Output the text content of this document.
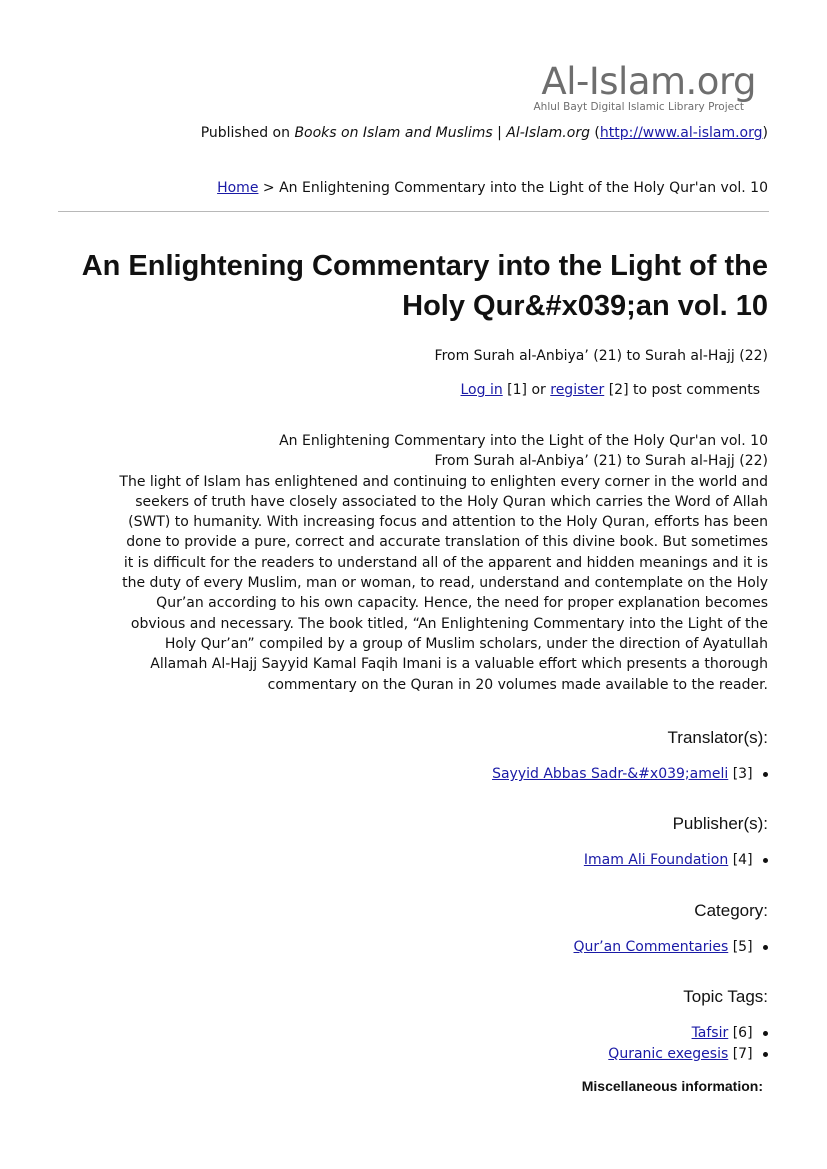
Al-Islam.org
Ahlul Bayt Digital Islamic Library Project
Published on Books on Islam and Muslims | Al-Islam.org (http://www.al-islam.org)
Home > An Enlightening Commentary into the Light of the Holy Qur'an vol. 10
An Enlightening Commentary into the Light of the Holy Qur&#x039;an vol. 10
From Surah al-Anbiya’ (21) to Surah al-Hajj (22)
Log in [1] or register [2] to post comments
An Enlightening Commentary into the Light of the Holy Qur'an vol. 10
From Surah al-Anbiya’ (21) to Surah al-Hajj (22)
The light of Islam has enlightened and continuing to enlighten every corner in the world and
seekers of truth have closely associated to the Holy Quran which carries the Word of Allah
(SWT) to humanity. With increasing focus and attention to the Holy Quran, efforts has been
done to provide a pure, correct and accurate translation of this divine book. But sometimes
it is difficult for the readers to understand all of the apparent and hidden meanings and it is
the duty of every Muslim, man or woman, to read, understand and contemplate on the Holy
Qur’an according to his own capacity. Hence, the need for proper explanation becomes
obvious and necessary. The book titled, “An Enlightening Commentary into the Light of the
Holy Qur’an” compiled by a group of Muslim scholars, under the direction of Ayatullah
Allamah Al-Hajj Sayyid Kamal Faqih Imani is a valuable effort which presents a thorough
commentary on the Quran in 20 volumes made available to the reader.
Translator(s):
Sayyid Abbas Sadr-&#x039;ameli [3]
Publisher(s):
Imam Ali Foundation [4]
Category:
Qur’an Commentaries [5]
Topic Tags:
Tafsir [6]
Quranic exegesis [7]
Miscellaneous information:
